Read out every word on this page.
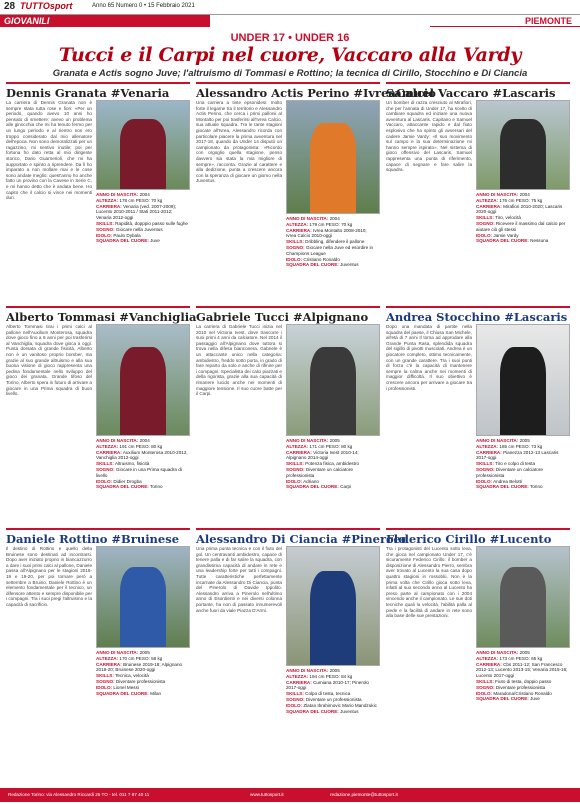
28 TUTTOsport	Anno 65 Numero 0 • 15 Febbraio 2021
GIOVANILI	PIEMONTE
UNDER 17 • UNDER 16
Tucci e il Carpi nel cuore, Vaccaro alla Vardy
Granata e Actis sogno Juve; l'altruismo di Tommasi e Rottino; la tecnica di Cirillo, Stocchino e Di Ciancia
Dennis Granata #Venaria
La carriera di Dennis Granata non è sempre stata tutta rose e fiori: «Per un periodo, quando avevo 10 anni ho pensato di smettere: avevo un problema alle ginocchia che mi ha tenuto fermo per un lungo periodo e al rientro non ero troppo considerato dal mio allenatore dell'epoca. Non sono demoralizzati per un ragazzino, mi sentivo inutile; poi per fortuna ho dato retta al mio dirigente storico, Dario Guarnerioli, che mi ha supportato e spinto a riprendere. Da lì ho imparato a non mollare mai e le cose sono andate meglio: quest'anno ho anche fatto un provino con la Cavese in Serie C, e mi hanno detto che è andata bene. Ho capito che il calcio si vince nei momenti duri.
ANNO DI NASCITA: 2004
ALTEZZA: 178 cm PESO: 70 kg
CARRIERA: Venaria (ved. 2007-2009); Lucento 2010-2011 / Stati 2011-2012; Venaria 2012-oggi
SKILLS: Rapidità, dopppio passo sulle fughe
SOGNO: Giocare nella Juventus
IDOLO: Paulo Dybala
SQUADRA DEL CUORE: Juve
Alessandro Actis Perino #IvreaCalcio
Una carriera a tinte epsonidesi: molto forte il legame tra il territorio e Alessandro Actis Perino, che cerca i primi pallonii al Montalto per poi trasferirsi all'Ivrea Calcio, sua attuale squadra. Tra le tante stagioni giocate all'Ivrea, Alessandro ricorda con particolare piacere la prima avventura nel 2017-18, quando da Under 14 disputò un campionato da protagonista: «Ricordo con orgoglio quella stagione, penso davvero sia stata la mia migliore di sempre», racconta. Grazie al carattere e alla dedizione, punta a crescere ancora con la speranza di giocare un giorno nella Juventus.
ANNO DI NASCITA: 2004
ALTEZZA: 179 cm PESO: 70 kg
CARRIERA: Ivrea Montalto 2008-2010; Ivrea Calcio 2010-oggi
SKILLS: Dribbling, difendere il pallone
SOGNO: Giocare nella Juve ed esordire in Champions League
IDOLO: Cristiano Ronaldo
SQUADRA DEL CUORE: Juventus
Samuel Vaccaro #Lascaris
Un bomber di razza cresciuto al Mirafiori, che per l'annata di Under 17, ha scelto di cambiare squadra ed iniziare una nuova avventura al Lascaris. Capitano e Samuel Vaccaro, attaccante rapido e dal fiuto esplosivo che ha spinto gli avversari del cadere Jamie Vardy: «Il suo movimento sul campo e la sua determinazione mi hanno sempre ispirato». Nel sistema di gioco offensivo del Lascaris, Samuel rappresenta una punta di riferimento, capace di segnare e fare salire la squadra.
ANNO DI NASCITA: 2004
ALTEZZA: 176 cm PESO: 75 kg
CARRIERA: Mirafiori 2010-2020; Lascaris 2020-oggi
SKILLS: Tiro, velocità
SOGNO: Ricevere il massimo dal calcio per aiutare ciò gli stessi
IDOLO: Jamie Vardy
SQUADRA DEL CUORE: Nessuna
Alberto Tommasi #Vanchiglia
Alberto Tommasi tirai i primi calci al pallone nell'Auxilium Monterosa, squadra dove gioco fino a 8 anni per poi trasferirsi al Vanchiglia, squadra dove gioca a oggi. Punta dorsata di grande fisicità, Alberto non è un vanitoso proprio bomber, ma grazie al suo grande altruismo e alla sua buona visione di gioco rappresenta una pedina fondamentale nello sviluppo del gioco dei granata. Grande tifoso del Torino, Alberto spera in futuro di arrivare a giocare in una Prima squadra di buon livello.
ANNO DI NASCITA: 2004
ALTEZZA: 191 cm PESO: 80 kg
CARRIERA: Auxilium Monterosa 2010-2012, Vanchiglia 2012-oggi
SKILLS: Altruismo, fisicità
SOGNO: Giocare in una Prima squadra di livello
IDOLO: Didier Drogba
SQUADRA DEL CUORE: Torino
Gabriele Tucci #Alpignano
La carriera di Gabriele Tucci inizia nel 2010 nel Victoria Ivest, dove trascorre i suoi primi 4 anni da calciatore. Nel 2014 il passaggio all'Alpignano dove tuttora si trova nella difesa bianconera. Gabriele è un attaccante unico nella categoria: ambidestro, freddo sotto porta, in grado di fare reparto da solo e anche di rifinire per i compagni. Specialista dei calci piazzati e della rigorista, grazie alla sua capacità di rimanere lucido anche nei momenti di maggiore tensione. Il suo cuore batte per il Carpi.
ANNO DI NASCITA: 2005
ALTEZZA: 171 cm PESO: 80 kg
CARRIERA: Victoria Ivest 2010-14; Alpignano 2014-oggi
SKILLS: Potenza fisica, ambidestro
SOGNO: Diventare un calciatore professionista
IDOLO: Adriano
SQUADRA DEL CUORE: Carpi
Andrea Stocchino #Lascaris
Dopo una mandata di partite nella squadra del paese, il Chiusa San Michele, all'età di 7 anni Il torna ad approdare alla Grande Punta Rasa, splendida squadra del sigillo di pivotti muscolati. Andrea è un giocatore completo, ottimo tecnicamente, con un grande carattere. Tra i suoi punti di forza c'è la capacità di mantenere sempre la calma anche nei momenti di maggior difficoltà. Il suo obiettivo è crescere ancora per arrivare a giocare tra i professionisti.
ANNO DI NASCITA: 2005
ALTEZZA: 185 cm PESO: 73 kg
CARRIERA: Pianezza 2012-13 Lascaris 2017-oggi
SKILLS: Tiro e colpo di testa
SOGNO: Diventare un calciatore professionista
IDOLO: Andrea Belotti
SQUADRA DEL CUORE: Torino
Daniele Rottino #Bruinese
Il destino di Rottino e quello della Bruinese sono destinati ad incontrarsi. Dopo aver iniziato proprio in biancazzurro a dare i suoi primi calci al pallone, Daniele passa all'Alpignano per le stagioni 2018-19 e 19-20, per poi tornare però a settembre a Bruino. Daniele Rottino è un elemento fondamentale per il tecnico, un difensore attento e sempre disponibile per i compagni. Tra i suoi pregi l'altruismo e la capacità di sacrificio.
ANNO DI NASCITA: 2005
ALTEZZA: 170 cm PESO: 58 kg
CARRIERA: Bruinese 2019-18; Alpignano 2018-20; Bruinese 2020-oggi
SKILLS: Tecnica, velocità
SOGNO: Diventare professionista
IDOLO: Lionel Messi
SQUADRA DEL CUORE: Milan
Alessandro Di Ciancia #Pinerolo
Una prima punta tecnica e con il fiuto del gol. Un centravanti ambidestro, capace di tenere palla e di far salire la squadra, con grandissima capacità di andare in rete e una leadership forte per tutti i compagni. Tutte caratteristiche perfettamente incarnate da Alessandro Di Ciancia, punta del Pinerolo di Davide Ippolito. Alessandro arriva a Pinerolo nell'ultimo anno di Esordienti e nei diversi colonna portante, ha non di passato innumerevoli anche fuori da viale Piazza D'Armi.
ANNO DI NASCITA: 2005
ALTEZZA: 194 cm PESO: 84 kg
CARRIERA: Cumiana 2010-17; Pinerolo 2017-oggi
SKILLS: Colpo di testa, tecnica
SOGNO: Diventare un professionista
IDOLO: Zlatan Ibrahimovic Mario Mandzukic
SQUADRA DEL CUORE: Juventus
Federico Cirillo #Lucento
Tra i protagonisti del Lucento sotto leva, che gioca nel campionato Under 17, c'è sicuramente Federico Cirillo: il bomber a disposizione di Alessandro Pierro, sembra aver trovato al Lucento la sua casa dopo quattro stagioni in rossoblù. Non è la prima volta che Cirillo gioca sotto leva, infatti al suo secondo anno al Lucento ha preso parte al campionato con i 2004 vincendo anche il campionato. Le sue doti tecniche quali la velocità, l'abilità palla al piede e la facilità di andare in rete sono alla base delle sue prestazioni.
ANNO DI NASCITA: 2005
ALTEZZA: 173 cm PESO: 65 kg
CARRIERA: Cbs 2011-12; San Francesco 2012-13; Lucento 2013-15; Venaria 2015-16; Lucento 2017-oggi
SKILLS: Fiuto di testa, doppio passo
SOGNO: Diventare professionista
IDOLO: Maradona/Cristiano Ronaldo
SQUADRA DEL CUORE: Juve
Redazione Torino: via Alessandro Riccardi 25 TO - tel. 011 7 87 40 11	www.tuttosport.it	redazione.piemonte@tuttosport.it
